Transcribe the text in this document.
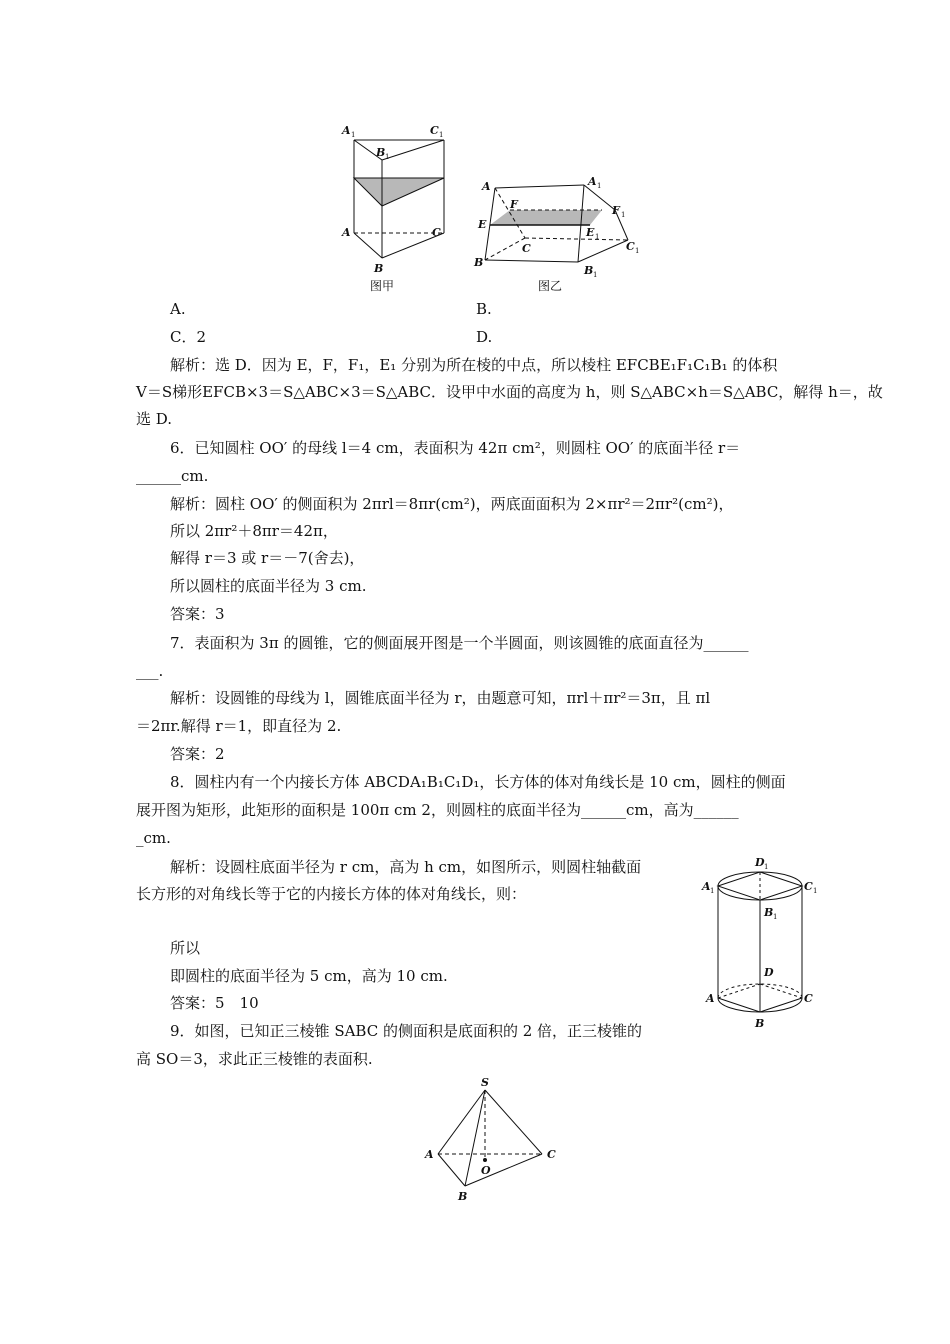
A 1	C 1
B 1
A	C
B
图甲
A	A 1
F	F 1
E
E 1
C	C 1
B
B 1
图乙
A.	B.
C．2	D.
解析：选 D．因为 E，F，F₁，E₁ 分别为所在棱的中点，所以棱柱 EFCBE₁F₁C₁B₁ 的体积
V＝S梯形EFCB×3＝S△ABC×3＝S△ABC．设甲中水面的高度为 h，则 S△ABC×h＝S△ABC，解得 h＝，故
选 D.
6．已知圆柱 OO′ 的母线 l＝4 cm，表面积为 42π cm²，则圆柱 OO′ 的底面半径 r＝
______cm.
解析：圆柱 OO′ 的侧面积为 2πrl＝8πr(cm²)，两底面面积为 2×πr²＝2πr²(cm²)，
所以 2πr²＋8πr＝42π，
解得 r＝3 或 r＝－7(舍去)，
所以圆柱的底面半径为 3 cm.
答案：3
7．表面积为 3π 的圆锥，它的侧面展开图是一个半圆面，则该圆锥的底面直径为______
___.
解析：设圆锥的母线为 l，圆锥底面半径为 r，由题意可知，πrl＋πr²＝3π，且 πl
＝2πr.解得 r＝1，即直径为 2.
答案：2
8．圆柱内有一个内接长方体 ABCDA₁B₁C₁D₁，长方体的体对角线长是 10 cm，圆柱的侧面
展开图为矩形，此矩形的面积是 100π cm 2，则圆柱的底面半径为______cm，高为______
_cm.
解析：设圆柱底面半径为 r cm，高为 h cm，如图所示，则圆柱轴截面
长方形的对角线长等于它的内接长方体的体对角线长，则：
所以
即圆柱的底面半径为 5 cm，高为 10 cm.
答案：5　10
D 1
A 1	C 1
B 1
D
A	C
B
9．如图，已知正三棱锥 SABC 的侧面积是底面积的 2 倍，正三棱锥的
高 SO＝3，求此正三棱锥的表面积.
S
A
O
C
B
